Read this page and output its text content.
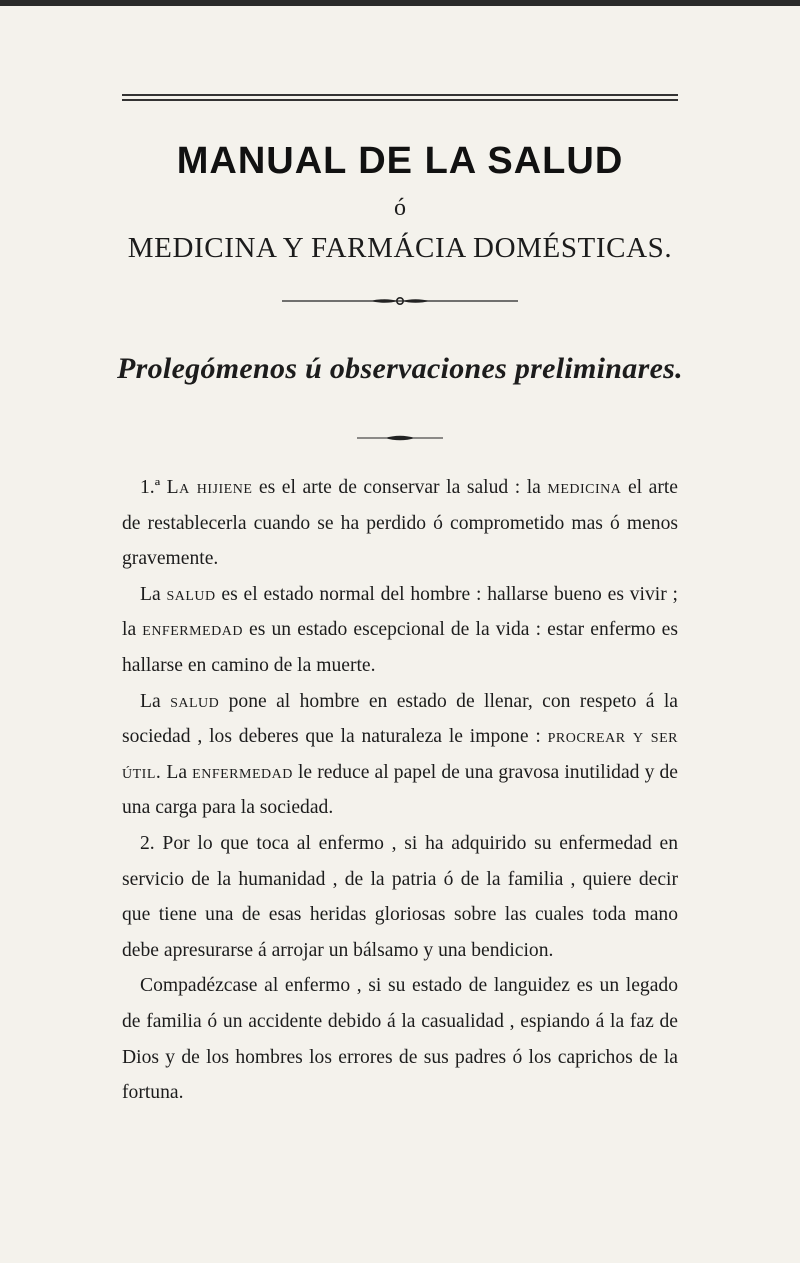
MANUAL DE LA SALUD
ó
MEDICINA Y FARMÁCIA DOMÉSTICAS.
Prolegómenos ú observaciones preliminares.

1.ª La hijiene es el arte de conservar la salud : la medicina el arte de restablecerla cuando se ha perdido ó comprometido mas ó menos gravemente.

La salud es el estado normal del hombre : hallarse bueno es vivir ; la enfermedad es un estado escepcional de la vida : estar enfermo es hallarse en camino de la muerte.

La salud pone al hombre en estado de llenar, con respeto á la sociedad , los deberes que la naturaleza le impone : procrear y ser útil. La enfermedad le reduce al papel de una gravosa inutilidad y de una carga para la sociedad.

2. Por lo que toca al enfermo , si ha adquirido su enfermedad en servicio de la humanidad , de la patria ó de la familia , quiere decir que tiene una de esas heridas gloriosas sobre las cuales toda mano debe apresurarse á arrojar un bálsamo y una bendicion.

Compadézcase al enfermo , si su estado de languidez es un legado de familia ó un accidente debido á la casualidad , espiando á la faz de Dios y de los hombres los errores de sus padres ó los caprichos de la fortuna.
